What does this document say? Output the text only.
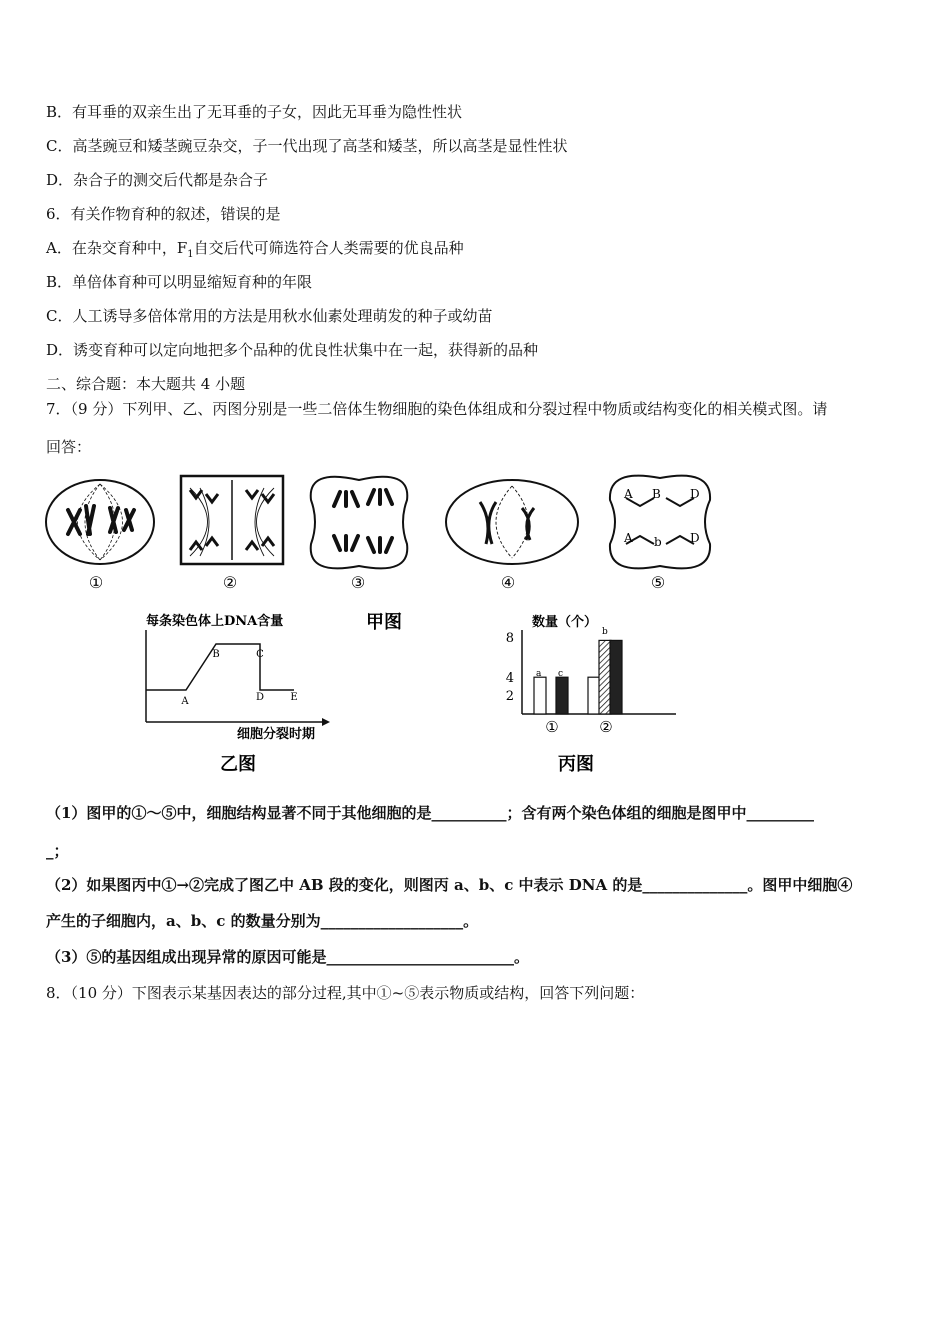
B．有耳垂的双亲生出了无耳垂的子女，因此无耳垂为隐性性状
C．高茎豌豆和矮茎豌豆杂交，子一代出现了高茎和矮茎，所以高茎是显性性状
D．杂合子的测交后代都是杂合子
6．有关作物育种的叙述，错误的是
A．在杂交育种中，$F_1$自交后代可筛选符合人类需要的优良品种
B．单倍体育种可以明显缩短育种的年限
C．人工诱导多倍体常用的方法是用秋水仙素处理萌发的种子或幼苗
D．诱变育种可以定向地把多个品种的优良性状集中在一起，获得新的品种
二、综合题：本大题共 4 小题
7．（9 分）下列甲、乙、丙图分别是一些二倍体生物细胞的染色体组成和分裂过程中物质或结构变化的相关模式图。请
回答：
①	②	③	④
A B D
A b D
⑤
甲图
每条染色体上DNA含量
A
B	C
D	E
细胞分裂时期
乙图
数量（个）
8
4
2
a c
b
①	②
丙图
（1）图甲的①～⑤中，细胞结构显著不同于其他细胞的是__________；含有两个染色体组的细胞是图甲中_________
_；
（2）如果图丙中①→②完成了图乙中 AB 段的变化，则图丙 a、b、c 中表示 DNA 的是______________。图甲中细胞④
产生的子细胞内，a、b、c 的数量分别为___________________。
（3）⑤的基因组成出现异常的原因可能是_________________________。
8．（10 分）下图表示某基因表达的部分过程,其中①~⑤表示物质或结构，回答下列问题：
